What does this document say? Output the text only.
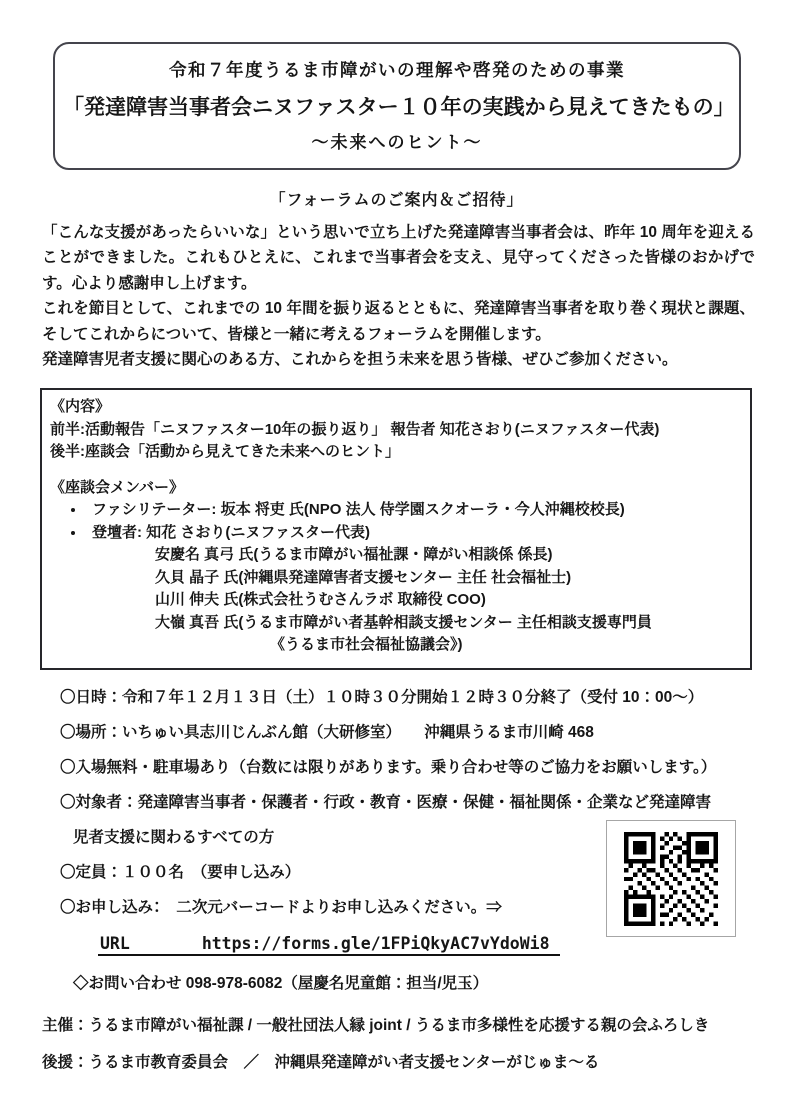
令和７年度うるま市障がいの理解や啓発のための事業
「発達障害当事者会ニヌファスター１０年の実践から見えてきたもの」
～未来へのヒント～
「フォーラムのご案内＆ご招待」

「こんな支援があったらいいな」という思いで立ち上げた発達障害当事者会は、昨年 10 周年を迎えることができました。これもひとえに、これまで当事者会を支え、見守ってくださった皆様のおかげです。心より感謝申し上げます。

これを節目として、これまでの 10 年間を振り返るとともに、発達障害当事者を取り巻く現状と課題、そしてこれからについて、皆様と一緒に考えるフォーラムを開催します。

発達障害児者支援に関心のある方、これからを担う未来を思う皆様、ぜひご参加ください。

《内容》
前半:活動報告「ニヌファスター10年の振り返り」 報告者 知花さおり(ニヌファスター代表)
後半:座談会「活動から見えてきた未来へのヒント」
《座談会メンバー》
• ファシリテーター: 坂本 将吏 氏(NPO 法人 侍学園スクオーラ・今人沖縄校校長)
• 登壇者: 知花 さおり(ニヌファスター代表)
安慶名 真弓 氏(うるま市障がい福祉課・障がい相談係 係長)
久貝 晶子 氏(沖縄県発達障害者支援センター 主任 社会福祉士)
山川 伸夫 氏(株式会社うむさんラボ 取締役 COO)
大嶺 真吾 氏(うるま市障がい者基幹相談支援センター 主任相談支援専門員
《うるま市社会福祉協議会》)
〇日時：令和７年１２月１３日（土）１０時３０分開始１２時３０分終了（受付 10：00～）
〇場所：いちゅい具志川じんぶん館（大研修室）　　沖縄県うるま市川崎 468
〇入場無料・駐車場あり（台数には限りがあります。乗り合わせ等のご協力をお願いします。）
〇対象者：発達障害当事者・保護者・行政・教育・医療・保健・福祉関係・企業など発達障害
児者支援に関わるすべての方
〇定員：１００名　（要申し込み）
〇お申し込み：　二次元バーコードよりお申し込みください。⇒
URL	https://forms.gle/1FPiQkyAC7vYdoWi8
◇お問い合わせ 098-978-6082（屋慶名児童館：担当/児玉）
主催：うるま市障がい福祉課 / 一般社団法人縁 joint / うるま市多様性を応援する親の会ふろしき
後援：うるま市教育委員会　／　沖縄県発達障がい者支援センターがじゅま～る
